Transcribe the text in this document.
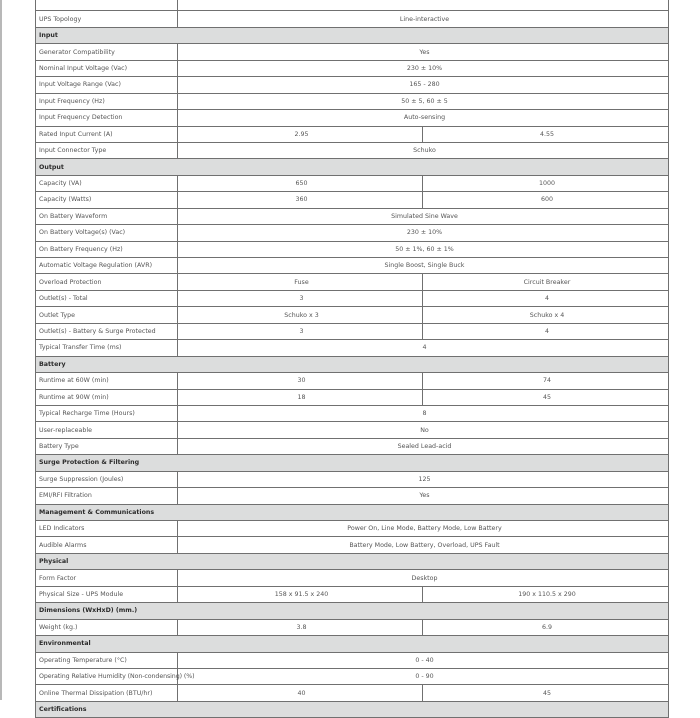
UPS Topology	Line-interactive	
Input		
Generator Compatibility	Yes	
Nominal Input Voltage (Vac)	230 ± 10%	
Input Voltage Range (Vac)	165 - 280	
Input Frequency (Hz)	50 ± 5, 60 ± 5	
Input Frequency Detection	Auto-sensing	
Rated Input Current (A)	2.95	4.55
Input Connector Type	Schuko	
Output		
Capacity (VA)	650	1000
Capacity (Watts)	360	600
On Battery Waveform	Simulated Sine Wave	
On Battery Voltage(s) (Vac)	230 ± 10%	
On Battery Frequency (Hz)	50 ± 1%, 60 ± 1%	
Automatic Voltage Regulation (AVR)	Single Boost, Single Buck	
Overload Protection	Fuse	Circuit Breaker
Outlet(s) - Total	3	4
Outlet Type	Schuko x 3	Schuko x 4
Outlet(s) - Battery & Surge Protected	3	4
Typical Transfer Time (ms)	4	
Battery		
Runtime at 60W (min)	30	74
Runtime at 90W (min)	18	45
Typical Recharge Time (Hours)	8	
User-replaceable	No	
Battery Type	Sealed Lead-acid	
Surge Protection & Filtering		
Surge Suppression (Joules)	125	
EMI/RFI Filtration	Yes	
Management & Communications		
LED Indicators	Power On, Line Mode, Battery Mode, Low Battery	
Audible Alarms	Battery Mode, Low Battery, Overload, UPS Fault	
Physical		
Form Factor	Desktop	
Physical Size - UPS Module	158 x 91.5 x 240	190 x 110.5 x 290
Dimensions (WxHxD) (mm.)		
Weight (kg.)	3.8	6.9
Environmental		
Operating Temperature (°C)	0 - 40	
Operating Relative Humidity (Non-condensing) (%)	0 - 90	
Online Thermal Dissipation (BTU/hr)	40	45
Certifications		
